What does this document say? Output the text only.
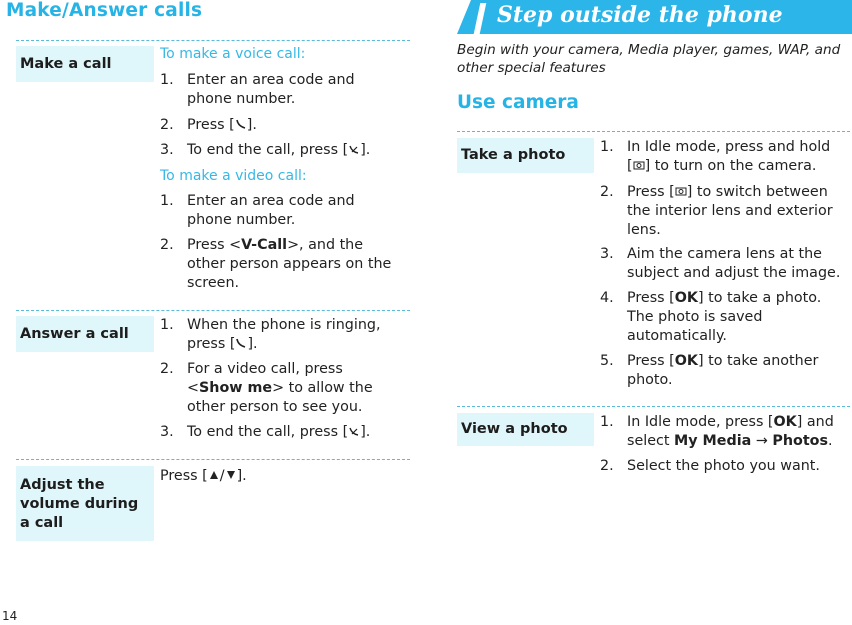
Make/Answer calls
Make a call
To make a voice call:
1. Enter an area code and
phone number.
2. Press [ ].
3. To end the call, press [ ].
To make a video call:
1. Enter an area code and
phone number.
2. Press <V-Call>, and the
other person appears on the
screen.
Answer a call
1. When the phone is ringing,
press [ ].
2. For a video call, press
<Show me> to allow the
other person to see you.
3. To end the call, press [ ].
Adjust the
volume during
a call
Press [ / ].
14
Step outside the phone
Begin with your camera, Media player, games, WAP, and
other special features
Use camera
Take a photo	1. In Idle mode, press and hold
[ ] to turn on the camera.
2. Press [ ] to switch between
the interior lens and exterior
lens.
3. Aim the camera lens at the
subject and adjust the image.
4. Press [OK] to take a photo.
The photo is saved
automatically.
5. Press [OK] to take another
photo.
View a photo	1. In Idle mode, press [OK] and
select My Media → Photos.
2. Select the photo you want.
